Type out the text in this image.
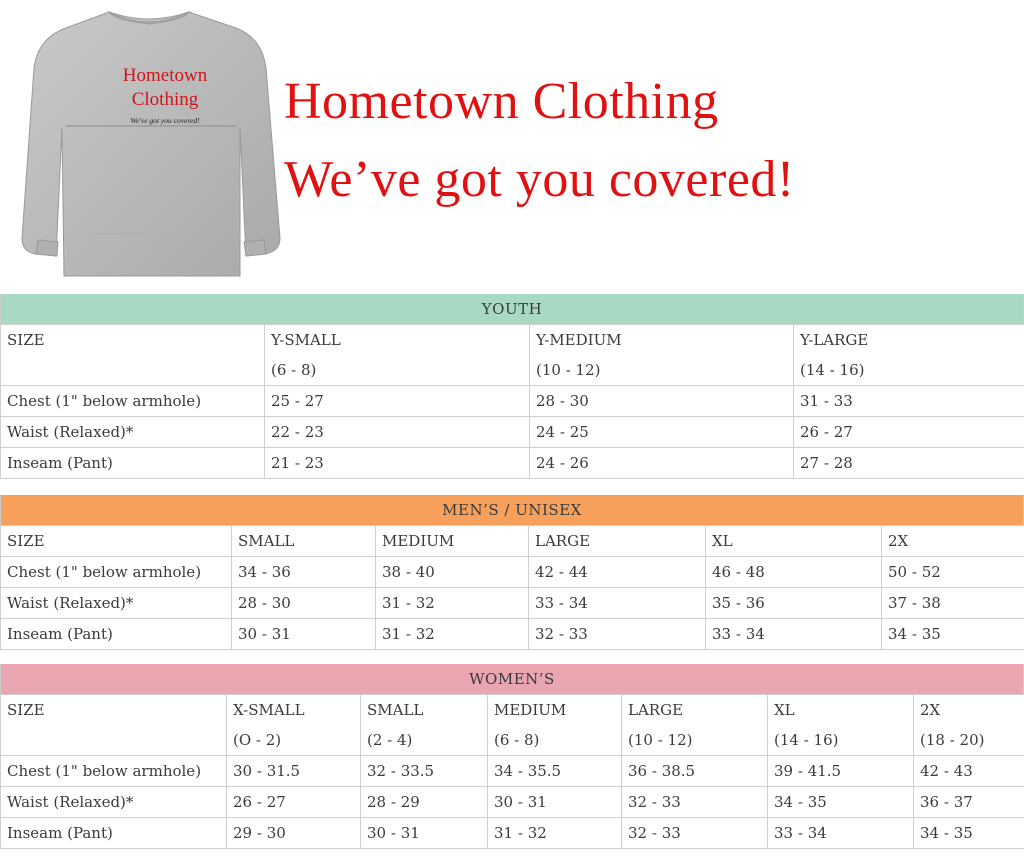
Hometown
Clothing
We've got you covered!	Hometown Clothing
We’ve got you covered!
YOUTH
SIZE	Y-SMALL	Y-MEDIUM	Y-LARGE
	(6 - 8)	(10 - 12)	(14 - 16)
Chest (1" below armhole)	25 - 27	28 - 30	31 - 33
Waist (Relaxed)*	22 - 23	24 - 25	26 - 27
Inseam (Pant)	21 - 23	24 - 26	27 - 28
MEN’S / UNISEX
SIZE	SMALL	MEDIUM	LARGE	XL	2X
Chest (1" below armhole)	34 - 36	38 - 40	42 - 44	46 - 48	50 - 52
Waist (Relaxed)*	28 - 30	31 - 32	33 - 34	35 - 36	37 - 38
Inseam (Pant)	30 - 31	31 - 32	32 - 33	33 - 34	34 - 35
WOMEN’S
SIZE	X-SMALL	SMALL	MEDIUM	LARGE	XL	2X
	(O - 2)	(2 - 4)	(6 - 8)	(10 - 12)	(14 - 16)	(18 - 20)
Chest (1" below armhole)	30 - 31.5	32 - 33.5	34 - 35.5	36 - 38.5	39 - 41.5	42 - 43
Waist (Relaxed)*	26 - 27	28 - 29	30 - 31	32 - 33	34 - 35	36 - 37
Inseam (Pant)	29 - 30	30 - 31	31 - 32	32 - 33	33 - 34	34 - 35
